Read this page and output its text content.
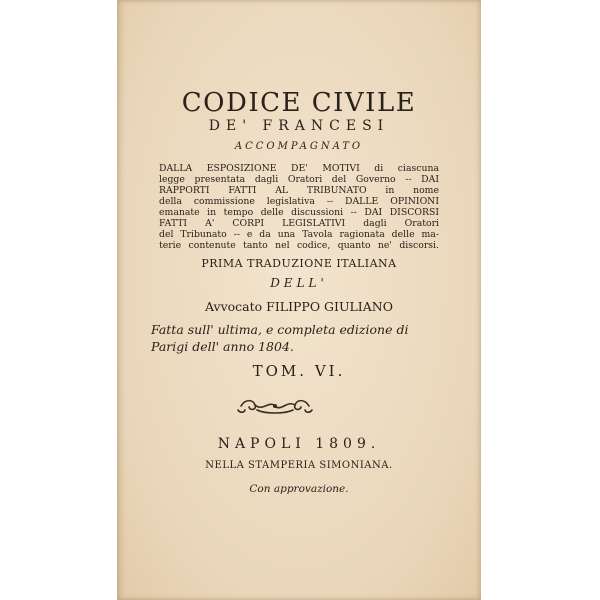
CODICE CIVILE
DE' FRANCESI
ACCOMPAGNATO
DALLA ESPOSIZIONE DE' MOTIVI di ciascuna
legge presentata dagli Oratori del Governo -- DAI
RAPPORTI FATTI AL TRIBUNATO in nome
della commissione legislativa -- DALLE OPINIONI
emanate in tempo delle discussioni -- DAI DISCORSI
FATTI A' CORPI LEGISLATIVI dagli Oratori
del Tribunato -- e da una Tavola ragionata delle ma-
terie contenute tanto nel codice, quanto ne' discorsi.
PRIMA TRADUZIONE ITALIANA
DELL'
Avvocato FILIPPO GIULIANO
Fatta sull' ultima, e completa edizione di
Parigi dell' anno 1804.
TOM. VI.
NAPOLI 1809.
NELLA STAMPERIA SIMONIANA.
Con approvazione.
